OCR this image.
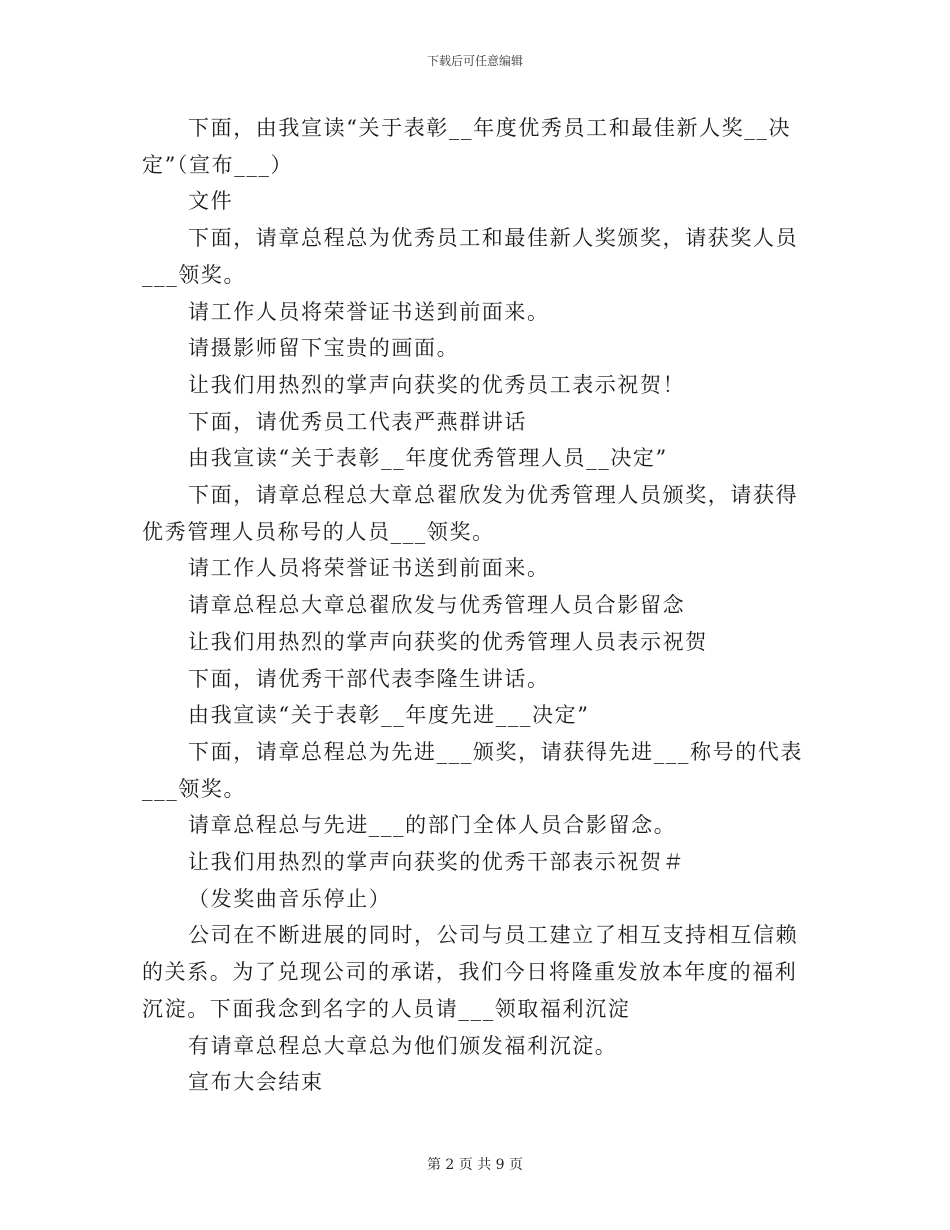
下载后可任意编辑

下面，由我宣读“关于表彰__年度优秀员工和最佳新人奖__决定”（宣布___）

文件

下面，请章总程总为优秀员工和最佳新人奖颁奖，请获奖人员___领奖。

请工作人员将荣誉证书送到前面来。

请摄影师留下宝贵的画面。

让我们用热烈的掌声向获奖的优秀员工表示祝贺！

下面，请优秀员工代表严燕群讲话

由我宣读“关于表彰__年度优秀管理人员__决定”

下面，请章总程总大章总翟欣发为优秀管理人员颁奖，请获得优秀管理人员称号的人员___领奖。

请工作人员将荣誉证书送到前面来。

请章总程总大章总翟欣发与优秀管理人员合影留念

让我们用热烈的掌声向获奖的优秀管理人员表示祝贺

下面，请优秀干部代表李隆生讲话。

由我宣读“关于表彰__年度先进___决定”

下面，请章总程总为先进___颁奖，请获得先进___称号的代表___领奖。

请章总程总与先进___的部门全体人员合影留念。

让我们用热烈的掌声向获奖的优秀干部表示祝贺＃

（发奖曲音乐停止）

公司在不断进展的同时，公司与员工建立了相互支持相互信赖的关系。为了兑现公司的承诺，我们今日将隆重发放本年度的福利沉淀。下面我念到名字的人员请___领取福利沉淀

有请章总程总大章总为他们颁发福利沉淀。

宣布大会结束

第 2 页 共 9 页
